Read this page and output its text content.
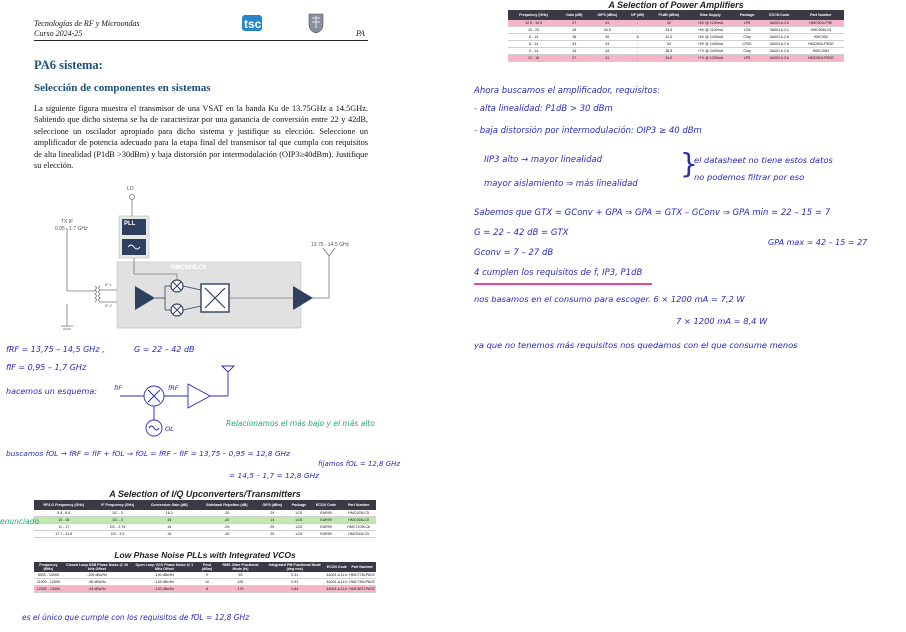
Tecnologías de RF y Microondas
Curso 2024-25
tscuniovi
PA
PA6 sistema:
Selección de componentes en sistemas
La siguiente figura muestra el transmisor de una VSAT en la banda Ku de 13.75GHz a 14.5GHz. Sabiendo que dicho sistema se ha de caracterizar por una ganancia de conversión entre 22 y 42dB, seleccione un oscilador apropiado para dicho sistema y justifique su elección. Seleccione un amplificador de potencia adecuado para la etapa final del transmisor tal que cumpla con requisitos de alta linealidad (P1dB >30dBm) y baja distorsión por intermodulación (OIP3≥40dBm). Justifique su elección.
LO
PLL
TX IF
0.95 - 1.7 GHz
HMC924LC5
13.75 - 14.5 GHz
IF 1
IF 2
fRF = 13,75 – 14,5 GHz ,	G = 22 – 42 dB
fIF = 0,95 – 1,7 GHz
hacemos un esquema:	fIF	fRF
OL
Relacionamos el más bajo y el más alto
buscamos fOL → fRF = fIF + fOL ⇒ fOL = fRF – fIF = 13,75 – 0,95 = 12,8 GHz
= 14,5 – 1,7 = 12,8 GHz
fijamos fOL = 12,8 GHz
A Selection of I/Q Upconverters/Transmitters
RF/LO Frequency (GHz)	IF Frequency (GHz)	Conversion Gain (dB)	Sideband Rejection (dB)	OIP3 (dBm)	Package	ECCN Code	Part Number
5.5 - 8.6	DC - 3	16.3	-30	29	LC6	EAR99	HMC925LC5
10 - 16	DC - 3	15	-30	14	LC6	EAR99	HMC924LC5
11 - 17	DC - 2.75	15	-25	25	LC6	EAR99	HMC7109LC6
17.7 - 23.6	DC - 3.5	15	-25	25	LC6	EAR99	HMC815LC5
enunciado
Low Phase Noise PLLs with Integrated VCOs
Frequency (MHz)	Closed Loop SSB Phase Noise @ 10 kHz Offset	Open Loop VCO Phase Noise @ 1 MHz Offset	Pout (dBm)	RMS Jitter Fractional Mode (fs)	Integrated PM Fractional Mode (deg rms)	ECCN Code	Part Number
8000 - 10000	-106 dBc/Hz	-140 dBc/Hz	9	63	0.31	3A001.a.11.b	HMC778LP6CE
11500 - 12500	-96 dBc/Hz	-134 dBc/Hz	10	181	0.91	3A001.a.11.b	HMC783LP6CE
12000 - 13400	-94 dBc/Hz	-132 dBc/Hz	8	175	0.84	3A001.a.11.b	HMC807LP6CE
es el único que cumple con los requisitos de fOL = 12,8 GHz
A Selection of Power Amplifiers
Frequency (GHz)	Gain (dB)	OIP3 (dBm)	NF (dB)	P1dB (dBm)	Bias Supply	Package	ECCN Code	Part Number
12.5 - 15.5	27	41	-	32	+6V @ 1200mA	LP5	3A001.b.2.b	HMC901LP5E
10 - 20	28	43.5	-	33.5	+6V @ 1100mA	LG6	3A001.b.2.c	HMC906LC6
8 - 14	36	45	8	31.5	+6V @ 1400mA	Chip	3A001.b.2.b	HMC952
8 - 14	33	43	-	34	+5V @ 1400mA	LP5G	3A001.b.2.b	HMC952LP5GE
9 - 14	34	43	-	36.5	+7V @ 2400mA	Chip	3A001.b.2.b	HMC1083
12 - 16	27	41	-	34.5	+7V @ 1200mA	LP5	3A001.b.2.b	HMC951LP5GE
Ahora buscamos el amplificador, requisitos:
- alta linealidad: P1dB > 30 dBm
- baja distorsión por intermodulación: OIP3 ≥ 40 dBm
IIP3 alto → mayor linealidad
mayor aislamiento ⇒ más linealidad
}
el datasheet no tiene estos datos
no podemos filtrar por eso
Sabemos que GTX = GConv + GPA ⇒ GPA = GTX – GConv ⇒ GPA min = 22 – 15 = 7
G = 22 – 42 dB = GTX
GPA max = 42 – 15 = 27
Gconv = 7 – 27 dB
4 cumplen los requisitos de f, IP3, P1dB
nos basamos en el consumo para escoger. 6 × 1200 mA = 7,2 W
7 × 1200 mA = 8,4 W
ya que no tenemos más requisitos nos quedamos con el que consume menos
